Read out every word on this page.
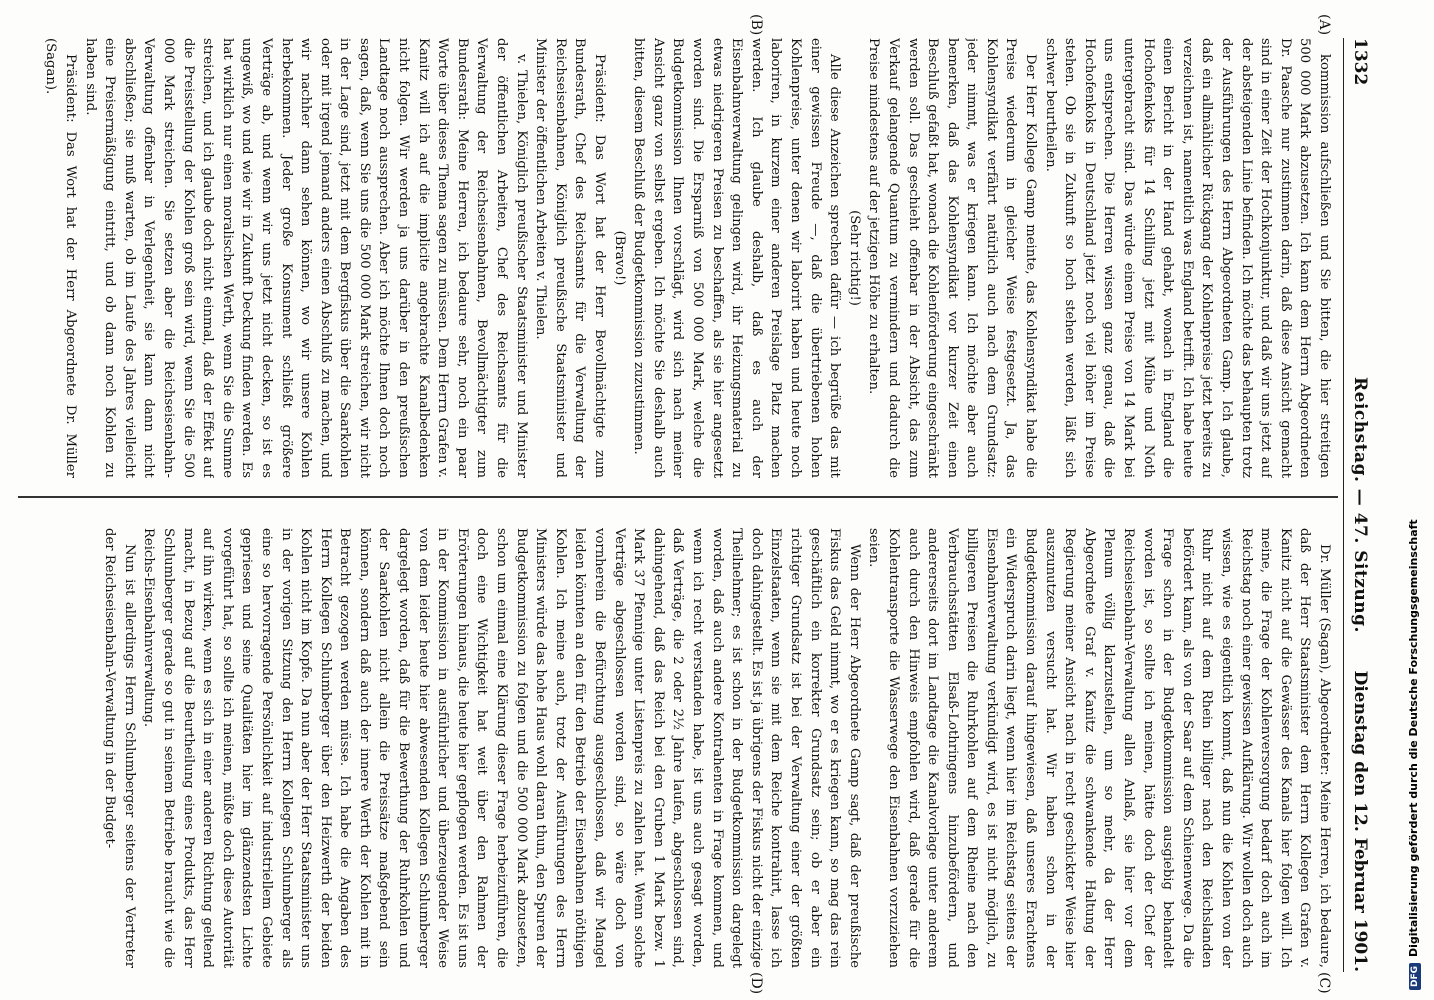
1332
Reichstag. — 47. Sitzung.
Dienstag den 12. Februar 1901.
(A)
(B)
(C)
(D)

kommission aufschließen und Sie bitten, die hier streitigen 500 000 Mark abzusetzen. Ich kann dem Herrn Abgeordneten Dr. Paasche nur zustimmen darin, daß diese Ansicht gemacht sind in einer Zeit der Hochkonjunktur, und daß wir uns jetzt auf der absteigenden Linie befinden. Ich möchte das behaupten trotz der Ausführungen des Herrn Abgeordneten Gamp. Ich glaube, daß ein allmählicher Rückgang der Kohlenpreise jetzt bereits zu verzeichnen ist, namentlich was England betrifft. Ich habe heute einen Bericht in der Hand gehabt, wonach in England die Hochofenkoks für 14 Schilling jetzt mit Mühe und Noth untergebracht sind. Das würde einem Preise von 14 Mark bei uns entsprechen. Die Herren wissen ganz genau, daß die Hochofenkoks in Deutschland jetzt noch viel höher im Preise stehen. Ob sie in Zukunft so hoch stehen werden, läßt sich schwer beurtheilen.

Der Herr Kollege Gamp meinte, das Kohlensyndikat habe die Preise wiederum in gleicher Weise festgesetzt. Ja, das Kohlensyndikat verfährt natürlich auch nach dem Grundsatz: jeder nimmt, was er kriegen kann. Ich möchte aber auch bemerken, daß das Kohlensyndikat vor kurzer Zeit einen Beschluß gefaßt hat, wonach die Kohlenförderung eingeschränkt werden soll. Das geschieht offenbar in der Absicht, das zum Verkauf gelangende Quantum zu vermindern und dadurch die Preise mindestens auf der jetzigen Höhe zu erhalten.

(Sehr richtig!)

Alle diese Anzeichen sprechen dafür — ich begrüße das mit einer gewissen Freude —, daß die übertriebenen hohen Kohlenpreise, unter denen wir laborirt haben und heute noch laboriren, in kurzem einer anderen Preislage Platz machen werden. Ich glaube deshalb, daß es auch der Eisenbahnverwaltung gelingen wird, ihr Heizungsmaterial zu etwas niedrigeren Preisen zu beschaffen, als sie hier angesetzt worden sind. Die Ersparniß von 500 000 Mark, welche die Budgetkommission Ihnen vorschlägt, wird sich nach meiner Ansicht ganz von selbst ergeben. Ich möchte Sie deshalb auch bitten, diesem Beschluß der Budgetkommission zuzustimmen.

(Bravo!)

Präsident: Das Wort hat der Herr Bevollmächtigte zum Bundesrath, Chef des Reichsamts für die Verwaltung der Reichseisenbahnen, Königlich preußische Staatsminister und Minister der öffentlichen Arbeiten v. Thielen.

v. Thielen, Königlich preußischer Staatsminister und Minister der öffentlichen Arbeiten, Chef des Reichsamts für die Verwaltung der Reichseisenbahnen, Bevollmächtigter zum Bundesrath: Meine Herren, ich bedaure sehr, noch ein paar Worte über dieses Thema sagen zu müssen. Dem Herrn Grafen v. Kanitz will ich auf die implicite angebrachte Kanalbedenken nicht folgen. Wir werden ja uns darüber in den preußischen Landtage noch aussprechen. Aber ich möchte Ihnen doch noch sagen, daß, wenn Sie uns die 500 000 Mark streichen, wir nicht in der Lage sind, jetzt mit dem Bergfiskus über die Saarkohlen oder mit irgend jemand anders einen Abschluß zu machen, und wir nachher dann sehen können, wo wir unsere Kohlen herbekommen. Jeder große Konsument schließt größere Verträge ab, und wenn wir uns jetzt nicht decken, so ist es ungewiß, wo und wie wir in Zukunft Deckung finden werden. Es hat wirklich nur einen moralischen Werth, wenn Sie die Summe streichen, und ich glaube doch nicht einmal, daß der Effekt auf die Preisstellung der Kohlen groß sein wird, wenn Sie die 500 000 Mark streichen. Sie setzen aber die Reichseisenbahn-Verwaltung offenbar in Verlegenheit, sie kann dann nicht abschließen; sie muß warten, ob im Laufe des Jahres vielleicht eine Preisermäßigung eintritt, und ob dann noch Kohlen zu haben sind.

Präsident: Das Wort hat der Herr Abgeordnete Dr. Müller (Sagan).

Dr. Müller (Sagan), Abgeordneter: Meine Herren, ich bedaure, daß der Herr Staatsminister dem Herrn Kollegen Grafen v. Kanitz nicht auf die Gewässer des Kanals hier folgen will. Ich meine, die Frage der Kohlenversorgung bedarf doch auch im Reichstag noch einer gewissen Aufklärung. Wir wollen doch auch wissen, wie es eigentlich kommt, daß nun die Kohlen von der Ruhr nicht auf dem Rhein billiger nach den Reichslanden befördert kann, als von der Saar auf dem Schienenwege. Da die Frage schon in der Budgetkommission ausgiebig behandelt worden ist, so sollte ich meinen, hätte doch der Chef der Reichseisenbahn-Verwaltung allen Anlaß, sie hier vor dem Plenum völlig klarzustellen, um so mehr, da der Herr Abgeordnete Graf v. Kanitz die schwankende Haltung der Regierung meiner Ansicht nach in recht geschickter Weise hier auszunutzen versucht hat. Wir haben schon in der Budgetkommission darauf hingewiesen, daß unseres Erachtens ein Widerspruch darin liegt, wenn hier im Reichstag seitens der Eisenbahnverwaltung verkündigt wird, es ist nicht möglich, zu billigeren Preisen die Ruhrkohlen auf dem Rheine nach den Verbrauchsstätten Elsaß-Lothringens hinzubefördern, und andererseits dort im Landtage die Kanalvorlage unter anderem auch durch den Hinweis empfohlen wird, daß gerade für die Kohlentransporte die Wasserwege den Eisenbahnen vorzuziehen seien.

Wenn der Herr Abgeordnete Gamp sagt, daß der preußische Fiskus das Geld nimmt, wo er es kriegen kann, so mag das rein geschäftlich ein korrekter Grundsatz sein; ob er aber ein richtiger Grundsatz ist bei der Verwaltung einer der größten Einzelstaaten, wenn sie mit dem Reiche kontrahirt, lasse ich doch dahingestellt. Es ist ja übrigens der Fiskus nicht der einzige Theilnehmer; es ist schon in der Budgetkommission dargelegt worden, daß auch andere Kontrahenten in Frage kommen, und wenn ich recht verstanden habe, ist uns auch gesagt worden, daß Verträge, die 2 oder 2½ Jahre laufen, abgeschlossen sind, dahingehend, daß das Reich bei den Gruben 1 Mark bezw. 1 Mark 37 Pfennige unter Listenpreis zu zahlen hat. Wenn solche Verträge abgeschlossen worden sind, so wäre doch von vornherein die Befürchtung ausgeschlossen, daß wir Mangel leiden könnten an den für den Betrieb der Eisenbahnen nöthigen Kohlen. Ich meine auch, trotz der Ausführungen des Herrn Ministers würde das hohe Haus wohl daran thun, den Spuren der Budgetkommission zu folgen und die 500 000 Mark abzusetzen, schon um einmal eine Klärung dieser Frage herbeizuführen, die doch eine Wichtigkeit hat weit über den Rahmen der Erörterungen hinaus, die heute hier gepflogen werden. Es ist uns in der Kommission in ausführlicher und überzeugender Weise von dem leider heute hier abwesenden Kollegen Schlumberger dargelegt worden, daß für die Bewerthung der Ruhrkohlen und der Saarkohlen nicht allein die Preissätze maßgebend sein können, sondern daß auch der innere Werth der Kohlen mit in Betracht gezogen werden müsse. Ich habe die Angaben des Herrn Kollegen Schlumberger über den Heizwerth der beiden Kohlen nicht im Kopfe. Da nun aber der Herr Staatsminister uns in der vorigen Sitzung den Herrn Kollegen Schlumberger als eine so hervorragende Persönlichkeit auf industriellem Gebiete gepriesen und seine Qualitäten hier im glänzendsten Lichte vorgeführt hat, so sollte ich meinen, müßte doch diese Autorität auf ihn wirken, wenn es sich in einer anderen Richtung geltend macht, in Bezug auf die Beurtheilung eines Produkts, das Herr Schlumberger gerade so gut in seinem Betriebe braucht wie die Reichs-Eisenbahnverwaltung.

Nun ist allerdings Herrn Schlumberger seitens der Vertreter der Reichseisenbahn-Verwaltung in der Budget-

DFGDigitalisierung gefördert durch die Deutsche Forschungsgemeinschaft
